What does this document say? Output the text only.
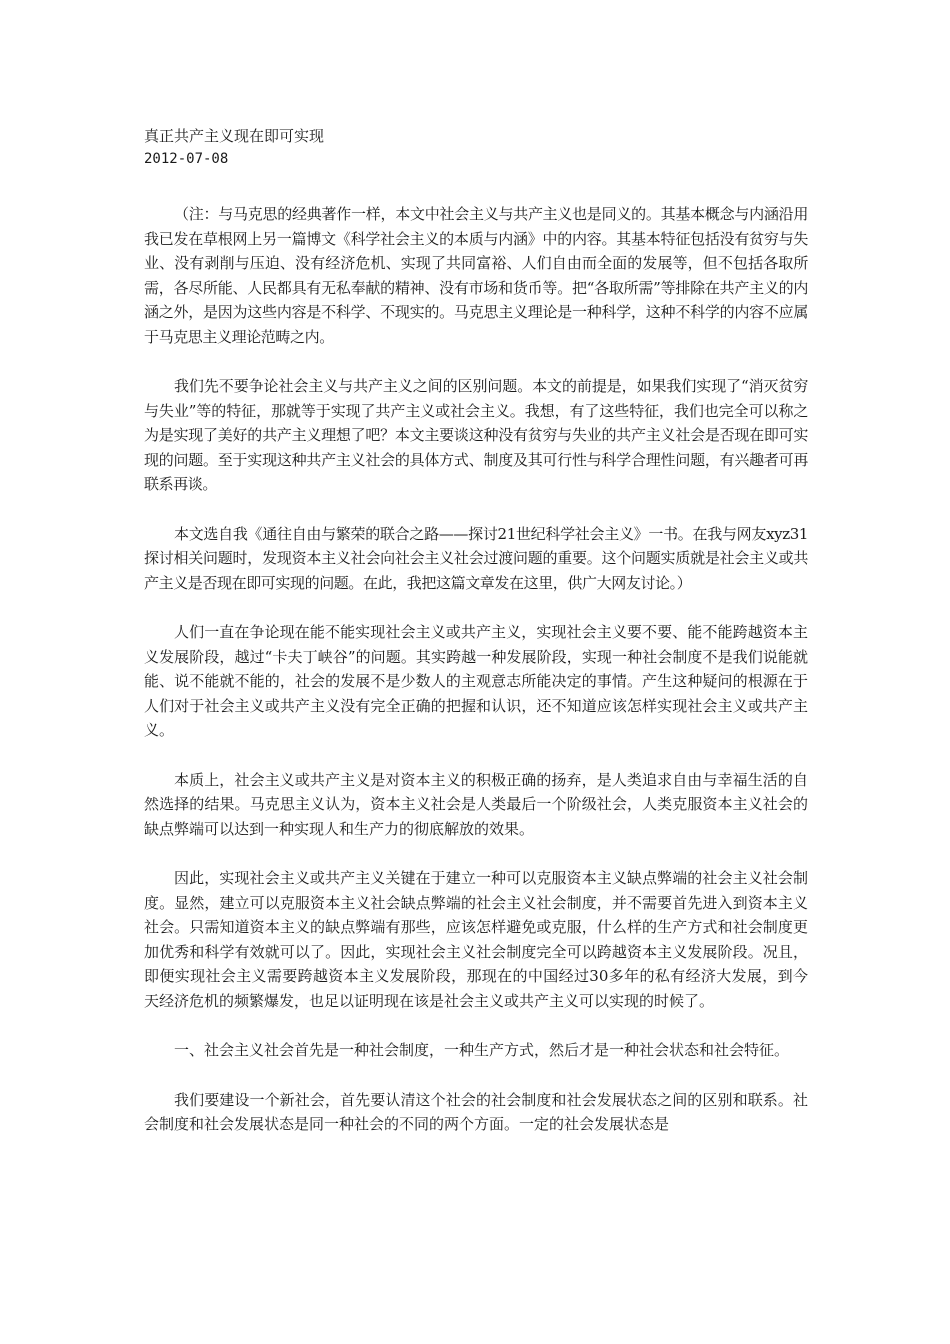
真正共产主义现在即可实现
2012-07-08

（注：与马克思的经典著作一样，本文中社会主义与共产主义也是同义的。其基本概念与内涵沿用我已发在草根网上另一篇博文《科学社会主义的本质与内涵》中的内容。其基本特征包括没有贫穷与失业、没有剥削与压迫、没有经济危机、实现了共同富裕、人们自由而全面的发展等，但不包括各取所需，各尽所能、人民都具有无私奉献的精神、没有市场和货币等。把“各取所需”等排除在共产主义的内涵之外，是因为这些内容是不科学、不现实的。马克思主义理论是一种科学，这种不科学的内容不应属于马克思主义理论范畴之内。

我们先不要争论社会主义与共产主义之间的区别问题。本文的前提是，如果我们实现了“消灭贫穷与失业”等的特征，那就等于实现了共产主义或社会主义。我想，有了这些特征，我们也完全可以称之为是实现了美好的共产主义理想了吧？本文主要谈这种没有贫穷与失业的共产主义社会是否现在即可实现的问题。至于实现这种共产主义社会的具体方式、制度及其可行性与科学合理性问题，有兴趣者可再联系再谈。

本文选自我《通往自由与繁荣的联合之路——探讨21世纪科学社会主义》一书。在我与网友xyz31 探讨相关问题时，发现资本主义社会向社会主义社会过渡问题的重要。这个问题实质就是社会主义或共产主义是否现在即可实现的问题。在此，我把这篇文章发在这里，供广大网友讨论。）

人们一直在争论现在能不能实现社会主义或共产主义，实现社会主义要不要、能不能跨越资本主义发展阶段，越过“卡夫丁峡谷”的问题。其实跨越一种发展阶段，实现一种社会制度不是我们说能就能、说不能就不能的，社会的发展不是少数人的主观意志所能决定的事情。产生这种疑问的根源在于人们对于社会主义或共产主义没有完全正确的把握和认识，还不知道应该怎样实现社会主义或共产主义。

本质上，社会主义或共产主义是对资本主义的积极正确的扬弃，是人类追求自由与幸福生活的自然选择的结果。马克思主义认为，资本主义社会是人类最后一个阶级社会，人类克服资本主义社会的缺点弊端可以达到一种实现人和生产力的彻底解放的效果。

因此，实现社会主义或共产主义关键在于建立一种可以克服资本主义缺点弊端的社会主义社会制度。显然，建立可以克服资本主义社会缺点弊端的社会主义社会制度，并不需要首先进入到资本主义社会。只需知道资本主义的缺点弊端有那些，应该怎样避免或克服，什么样的生产方式和社会制度更加优秀和科学有效就可以了。因此，实现社会主义社会制度完全可以跨越资本主义发展阶段。况且，即便实现社会主义需要跨越资本主义发展阶段，那现在的中国经过30多年的私有经济大发展，到今天经济危机的频繁爆发，也足以证明现在该是社会主义或共产主义可以实现的时候了。

一、社会主义社会首先是一种社会制度，一种生产方式，然后才是一种社会状态和社会特征。

我们要建设一个新社会，首先要认清这个社会的社会制度和社会发展状态之间的区别和联系。社会制度和社会发展状态是同一种社会的不同的两个方面。一定的社会发展状态是
